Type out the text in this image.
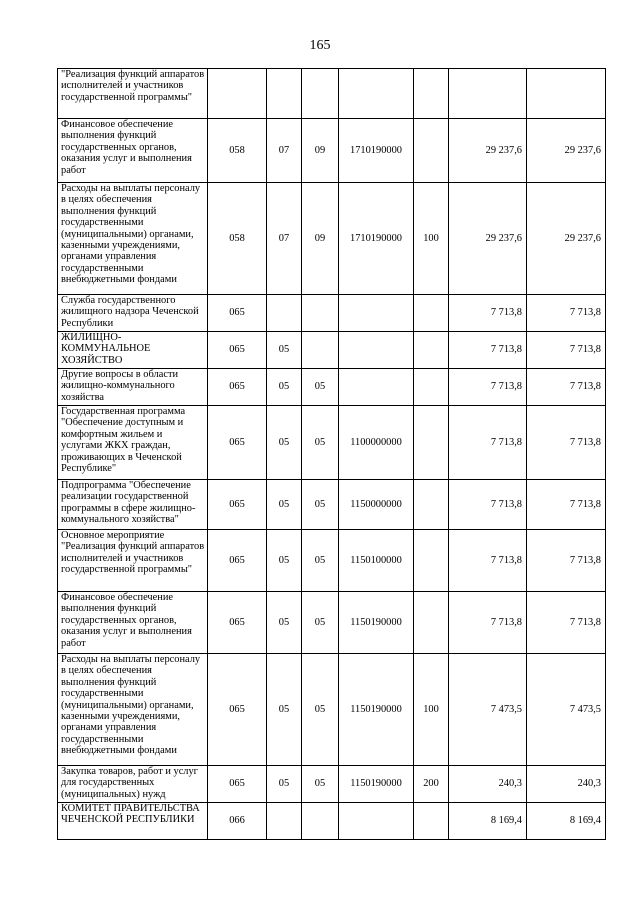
165
"Реализация функций аппаратов исполнителей и участников государственной программы"							
Финансовое обеспечение выполнения функций государственных органов, оказания услуг и выполнения работ	058	07	09	1710190000		29 237,6	29 237,6
Расходы на выплаты персоналу в целях обеспечения выполнения функций государственными (муниципальными) органами, казенными учреждениями, органами управления государственными внебюджетными фондами	058	07	09	1710190000	100	29 237,6	29 237,6
Служба государственного жилищного надзора Чеченской Республики	065					7 713,8	7 713,8
ЖИЛИЩНО-КОММУНАЛЬНОЕ ХОЗЯЙСТВО	065	05				7 713,8	7 713,8
Другие вопросы в области жилищно-коммунального хозяйства	065	05	05			7 713,8	7 713,8
Государственная программа "Обеспечение доступным и комфортным жильем и услугами ЖКХ граждан, проживающих в Чеченской Республике"	065	05	05	1100000000		7 713,8	7 713,8
Подпрограмма "Обеспечение реализации государственной программы в сфере жилищно-коммунального хозяйства"	065	05	05	1150000000		7 713,8	7 713,8
Основное мероприятие "Реализация функций аппаратов исполнителей и участников государственной программы"	065	05	05	1150100000		7 713,8	7 713,8
Финансовое обеспечение выполнения функций государственных органов, оказания услуг и выполнения работ	065	05	05	1150190000		7 713,8	7 713,8
Расходы на выплаты персоналу в целях обеспечения выполнения функций государственными (муниципальными) органами, казенными учреждениями, органами управления государственными внебюджетными фондами	065	05	05	1150190000	100	7 473,5	7 473,5
Закупка товаров, работ и услуг для государственных (муниципальных) нужд	065	05	05	1150190000	200	240,3	240,3
КОМИТЕТ ПРАВИТЕЛЬСТВА ЧЕЧЕНСКОЙ РЕСПУБЛИКИ	066					8 169,4	8 169,4
